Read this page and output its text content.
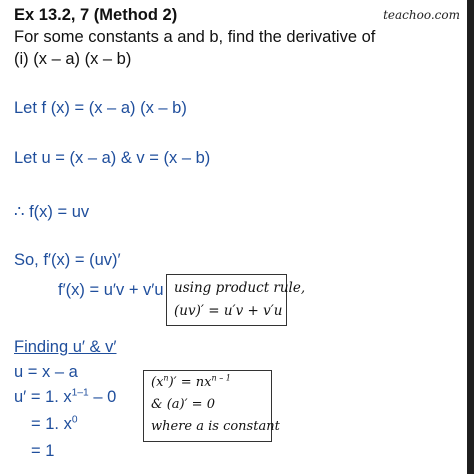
Ex 13.2, 7 (Method 2)	teachoo.com
For some constants a and b, find the derivative of
(i) (x – a) (x – b)
Let f (x) = (x – a) (x – b)
Let u = (x – a) & v = (x – b)
∴ f(x) = uv
So, f′(x) = (uv)′
f′(x) = u′v + v′u using product rule,
(uv)′ = u′v + v′u
Finding u′ & v′
u = x – a
u′ = 1. $x^{1-1} - 0$
= 1. $x^0$
= 1
$(x^n)' = nx^{n - 1}$
& (a)′ = 0
where a is constant
